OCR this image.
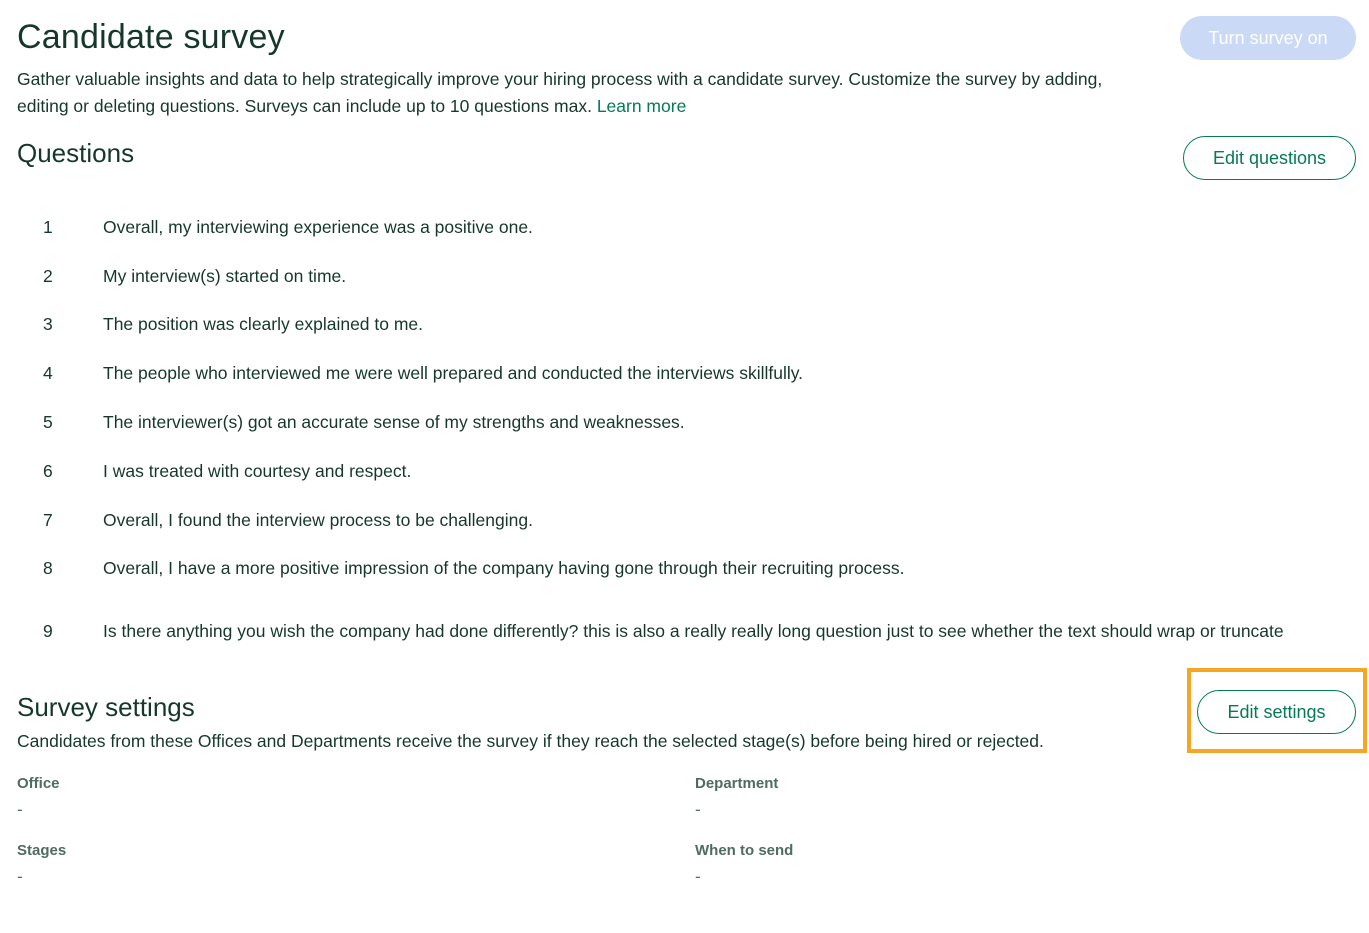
Candidate survey	Turn survey on

Gather valuable insights and data to help strategically improve your hiring process with a candidate survey. Customize the survey by adding, editing or deleting questions. Surveys can include up to 10 questions max. Learn more

Questions	Edit questions
1	Overall, my interviewing experience was a positive one.
2	My interview(s) started on time.
3	The position was clearly explained to me.
4	The people who interviewed me were well prepared and conducted the interviews skillfully.
5	The interviewer(s) got an accurate sense of my strengths and weaknesses.
6	I was treated with courtesy and respect.
7	Overall, I found the interview process to be challenging.
8	Overall, I have a more positive impression of the company having gone through their recruiting process.
9	Is there anything you wish the company had done differently? this is also a really really long question just to see whether the text should wrap or truncate
Survey settings	Edit settings

Candidates from these Offices and Departments receive the survey if they reach the selected stage(s) before being hired or rejected.

Office
-
Department
-
Stages
-
When to send
-
